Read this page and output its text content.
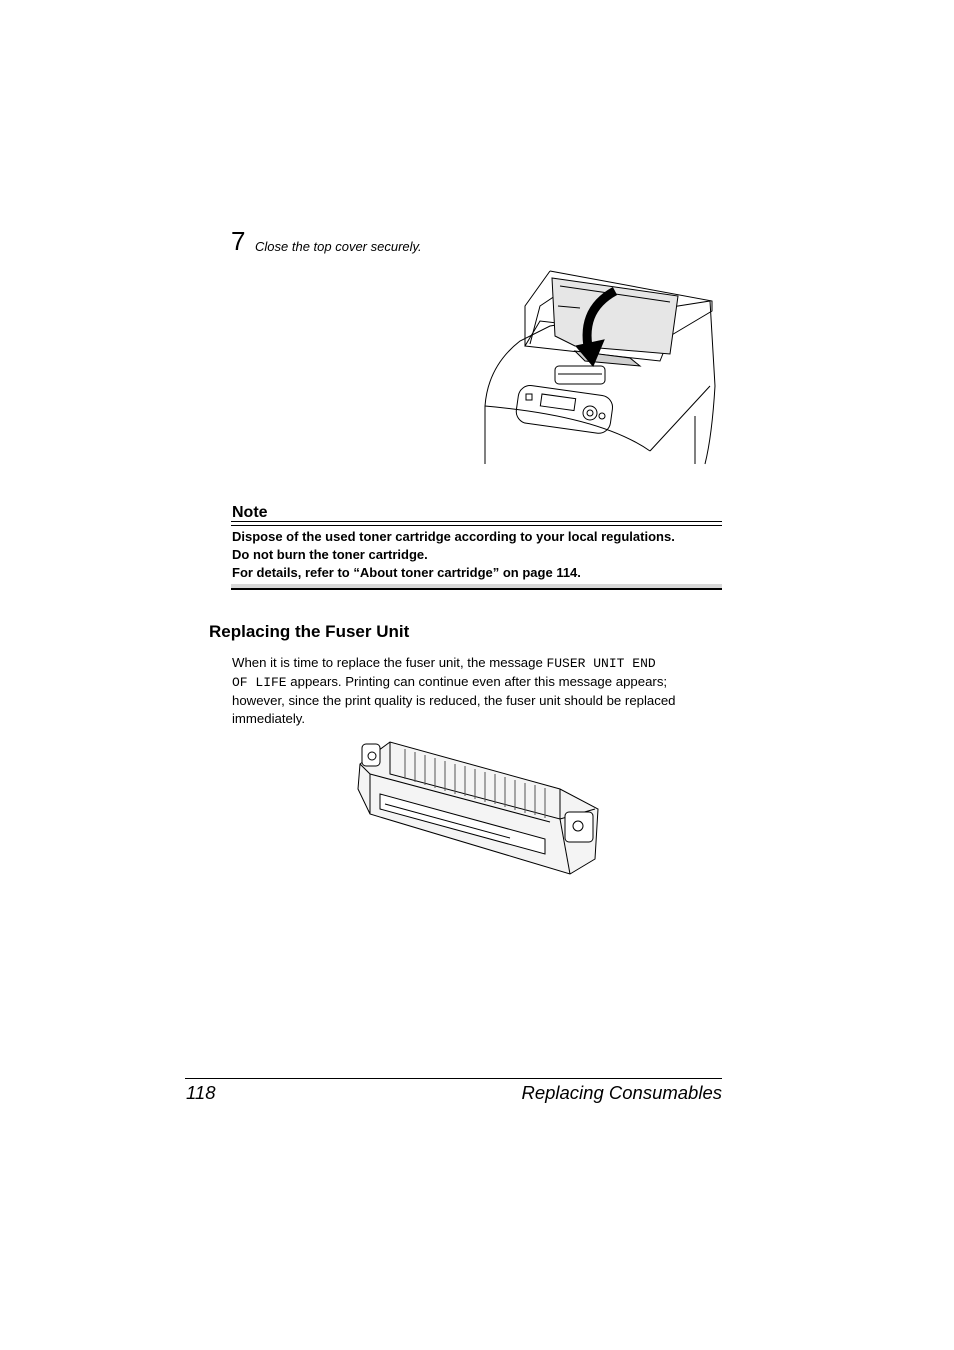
7 Close the top cover securely.
Note
Dispose of the used toner cartridge according to your local regulations.
Do not burn the toner cartridge.
For details, refer to “About toner cartridge” on page 114.
Replacing the Fuser Unit
When it is time to replace the fuser unit, the message FUSER UNIT END
OF LIFE appears. Printing can continue even after this message appears; however, since the print quality is reduced, the fuser unit should be replaced immediately.
118	Replacing Consumables
